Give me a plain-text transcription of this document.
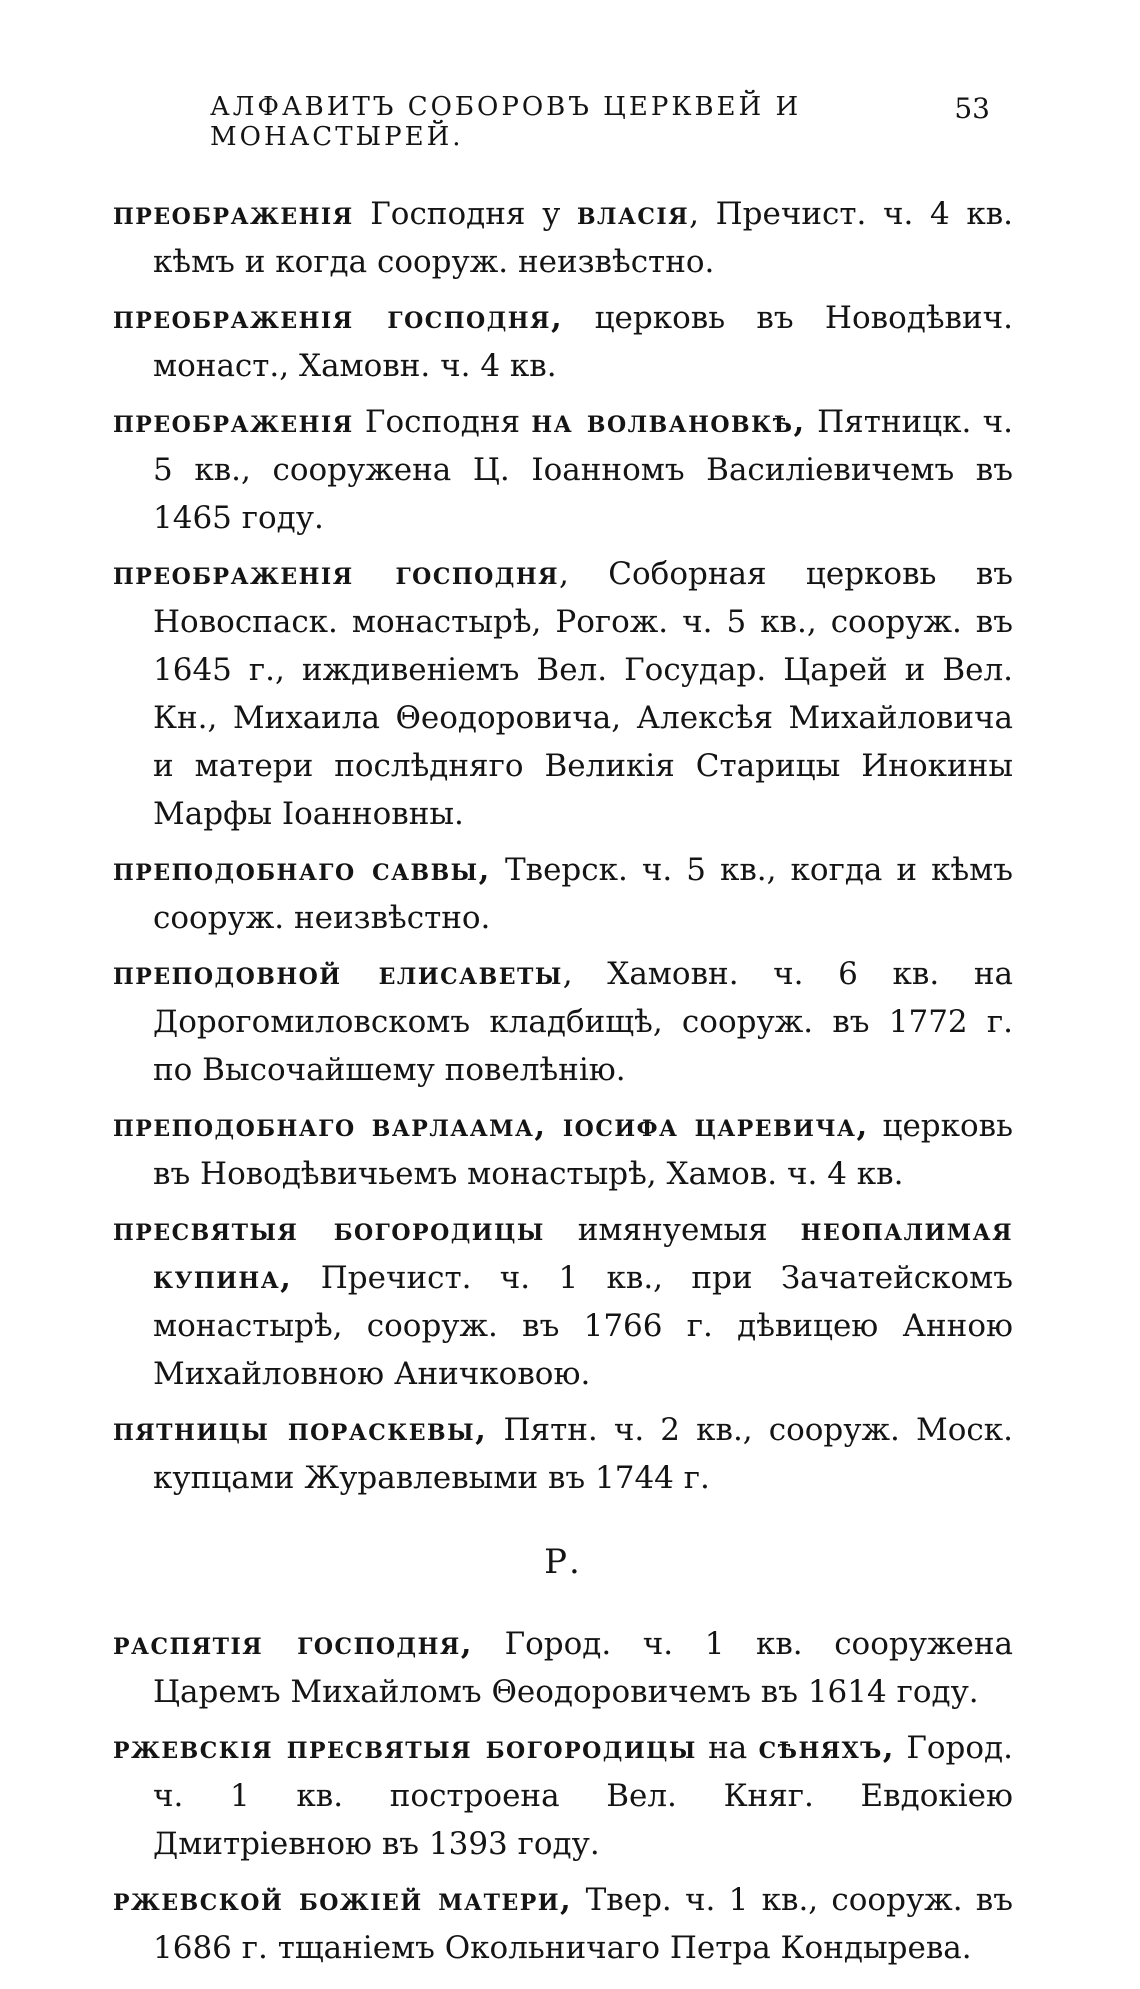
АЛФАВИТЪ СОБОРОВЪ ЦЕРКВЕЙ И МОНАСТЫРЕЙ.
53
преображенія Господня у власія, Пречист. ч. 4 кв. кѣмъ и когда сооруж. неизвѣстно.
преображенія господня, церковь въ Новодѣвич. монаст., Хамовн. ч. 4 кв.
преображенія Господня на волвановкѣ, Пятницк. ч. 5 кв., сооружена Ц. Іоанномъ Василіевичемъ въ 1465 году.
преображенія господня, Соборная церковь въ Новоспаск. монастырѣ, Рогож. ч. 5 кв., сооруж. въ 1645 г., иждивеніемъ Вел. Государ. Царей и Вел. Кн., Михаила Θеодоровича, Алексѣя Михайловича и матери послѣдняго Великія Старицы Инокины Марфы Іоанновны.
преподобнаго саввы, Тверск. ч. 5 кв., когда и кѣмъ сооруж. неизвѣстно.
преподовной елисаветы, Хамовн. ч. 6 кв. на Дорогомиловскомъ кладбищѣ, сооруж. въ 1772 г. по Высочайшему повелѣнію.
преподобнаго варлаама, іосифа царевича, церковь въ Новодѣвичьемъ монастырѣ, Хамов. ч. 4 кв.
пресвятыя богородицы имянуемыя неопалимая купина, Пречист. ч. 1 кв., при Зачатейскомъ монастырѣ, сооруж. въ 1766 г. дѣвицею Анною Михайловною Аничковою.
пятницы пораскевы, Пятн. ч. 2 кв., сооруж. Моск. купцами Журавлевыми въ 1744 г.
Р.
распятія господня, Город. ч. 1 кв. сооружена Царемъ Михайломъ Θеодоровичемъ въ 1614 году.
ржевскія пресвятыя богородицы на сѣняхъ, Город. ч. 1 кв. построена Вел. Княг. Евдокіею Дмитріевною въ 1393 году.
ржевской божіей матери, Твер. ч. 1 кв., сооруж. въ 1686 г. тщаніемъ Окольничаго Петра Кондырева.
